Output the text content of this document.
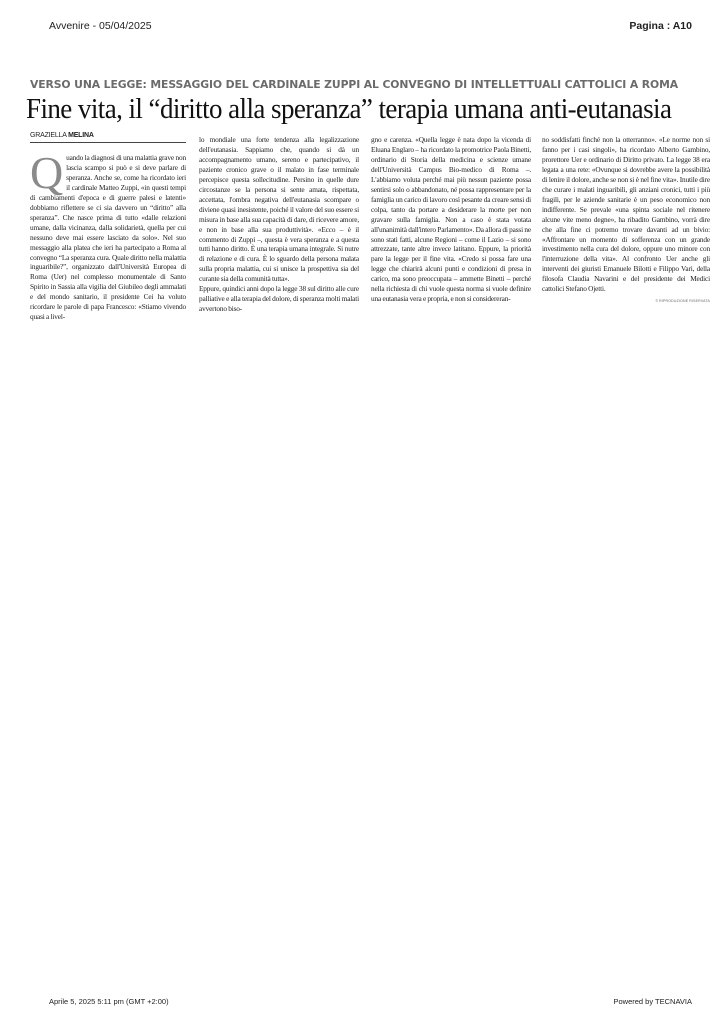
Avvenire - 05/04/2025	Pagina : A10
VERSO UNA LEGGE: MESSAGGIO DEL CARDINALE ZUPPI AL CONVEGNO DI INTELLETTUALI CATTOLICI A ROMA
Fine vita, il “diritto alla speranza” terapia umana anti-eutanasia
GRAZIELLA MELINA
Q uando la diagnosi di una malattia grave non lascia scampo si può e si deve parlare di speranza. Anche se, come ha ricordato ieri il cardinale Matteo Zuppi, «in questi tempi di cambiamenti d'epoca e di guerre palesi e latenti» dobbiamo riflettere se ci sia davvero un “diritto” alla speranza”. Che nasce prima di tutto «dalle relazioni umane, dalla vicinanza, dalla solidarietà, quella per cui nessuno deve mai essere lasciato da solo». Nel suo messaggio alla platea che ieri ha partecipato a Roma al convegno “La speranza cura. Quale diritto nella malattia inguaribile?”, organizzato dall'Università Europea di Roma (Uer) nel complesso monumentale di Santo Spirito in Sassia alla vigilia del Giubileo degli ammalati e del mondo sanitario, il presidente Cei ha voluto ricordare le parole di papa Francesco: «Stiamo vivendo quasi a livel-

lo mondiale una forte tendenza alla legalizzazione dell'eutanasia. Sappiamo che, quando si dà un accompagnamento umano, sereno e partecipativo, il paziente cronico grave o il malato in fase terminale percepisce questa sollecitudine. Persino in quelle dure circostanze se la persona si sente amata, rispettata, accettata, l'ombra negativa dell'eutanasia scompare o diviene quasi inesistente, poiché il valore del suo essere si misura in base alla sua capacità di dare, di ricevere amore, e non in base alla sua produttività». «Ecco – è il commento di Zuppi –, questa è vera speranza e a questa tutti hanno diritto. È una terapia umana integrale. Si nutre di relazione e di cura. È lo sguardo della persona malata sulla propria malattia, cui si unisce la prospettiva sia del curante sia della comunità tutta».

Eppure, quindici anni dopo la legge 38 sul diritto alle cure palliative e alla terapia del dolore, di speranza molti malati avvertono biso-

gno e carenza. «Quella legge è nata dopo la vicenda di Eluana Englaro – ha ricordato la promotrice Paola Binetti, ordinario di Storia della medicina e scienze umane dell'Università Campus Bio-medico di Roma –. L'abbiamo voluta perché mai più nessun paziente possa sentirsi solo o abbandonato, né possa rappresentare per la famiglia un carico di lavoro così pesante da creare sensi di colpa, tanto da portare a desiderare la morte per non gravare sulla famiglia. Non a caso è stata votata all'unanimità dall'intero Parlamento». Da allora di passi ne sono stati fatti, alcune Regioni – come il Lazio – si sono attrezzate, tante altre invece latitano. Eppure, la priorità pare la legge per il fine vita. «Credo si possa fare una legge che chiarirà alcuni punti e condizioni di presa in carico, ma sono preoccupata – ammette Binetti – perché nella richiesta di chi vuole questa norma si vuole definire una eutanasia vera e propria, e non si considereran-

no soddisfatti finché non la otterranno». «Le norme non si fanno per i casi singoli», ha ricordato Alberto Gambino, prorettore Uer e ordinario di Diritto privato. La legge 38 era legata a una rete: «Ovunque si dovrebbe avere la possibilità di lenire il dolore, anche se non si è nel fine vita». Inutile dire che curare i malati inguaribili, gli anziani cronici, tutti i più fragili, per le aziende sanitarie è un peso economico non indifferente. Se prevale «una spinta sociale nel ritenere alcune vite meno degne», ha ribadito Gambino, vorrà dire che alla fine ci potremo trovare davanti ad un bivio: «Affrontare un momento di sofferenza con un grande investimento nella cura del dolore, oppure uno minore con l'interruzione della vita». Al confronto Uer anche gli interventi dei giuristi Emanuele Bilotti e Filippo Vari, della filosofa Claudia Navarini e del presidente dei Medici cattolici Stefano Ojetti.

© RIPRODUZIONE RISERVATA
Aprile 5, 2025 5:11 pm (GMT +2:00)	Powered by TECNAVIA
